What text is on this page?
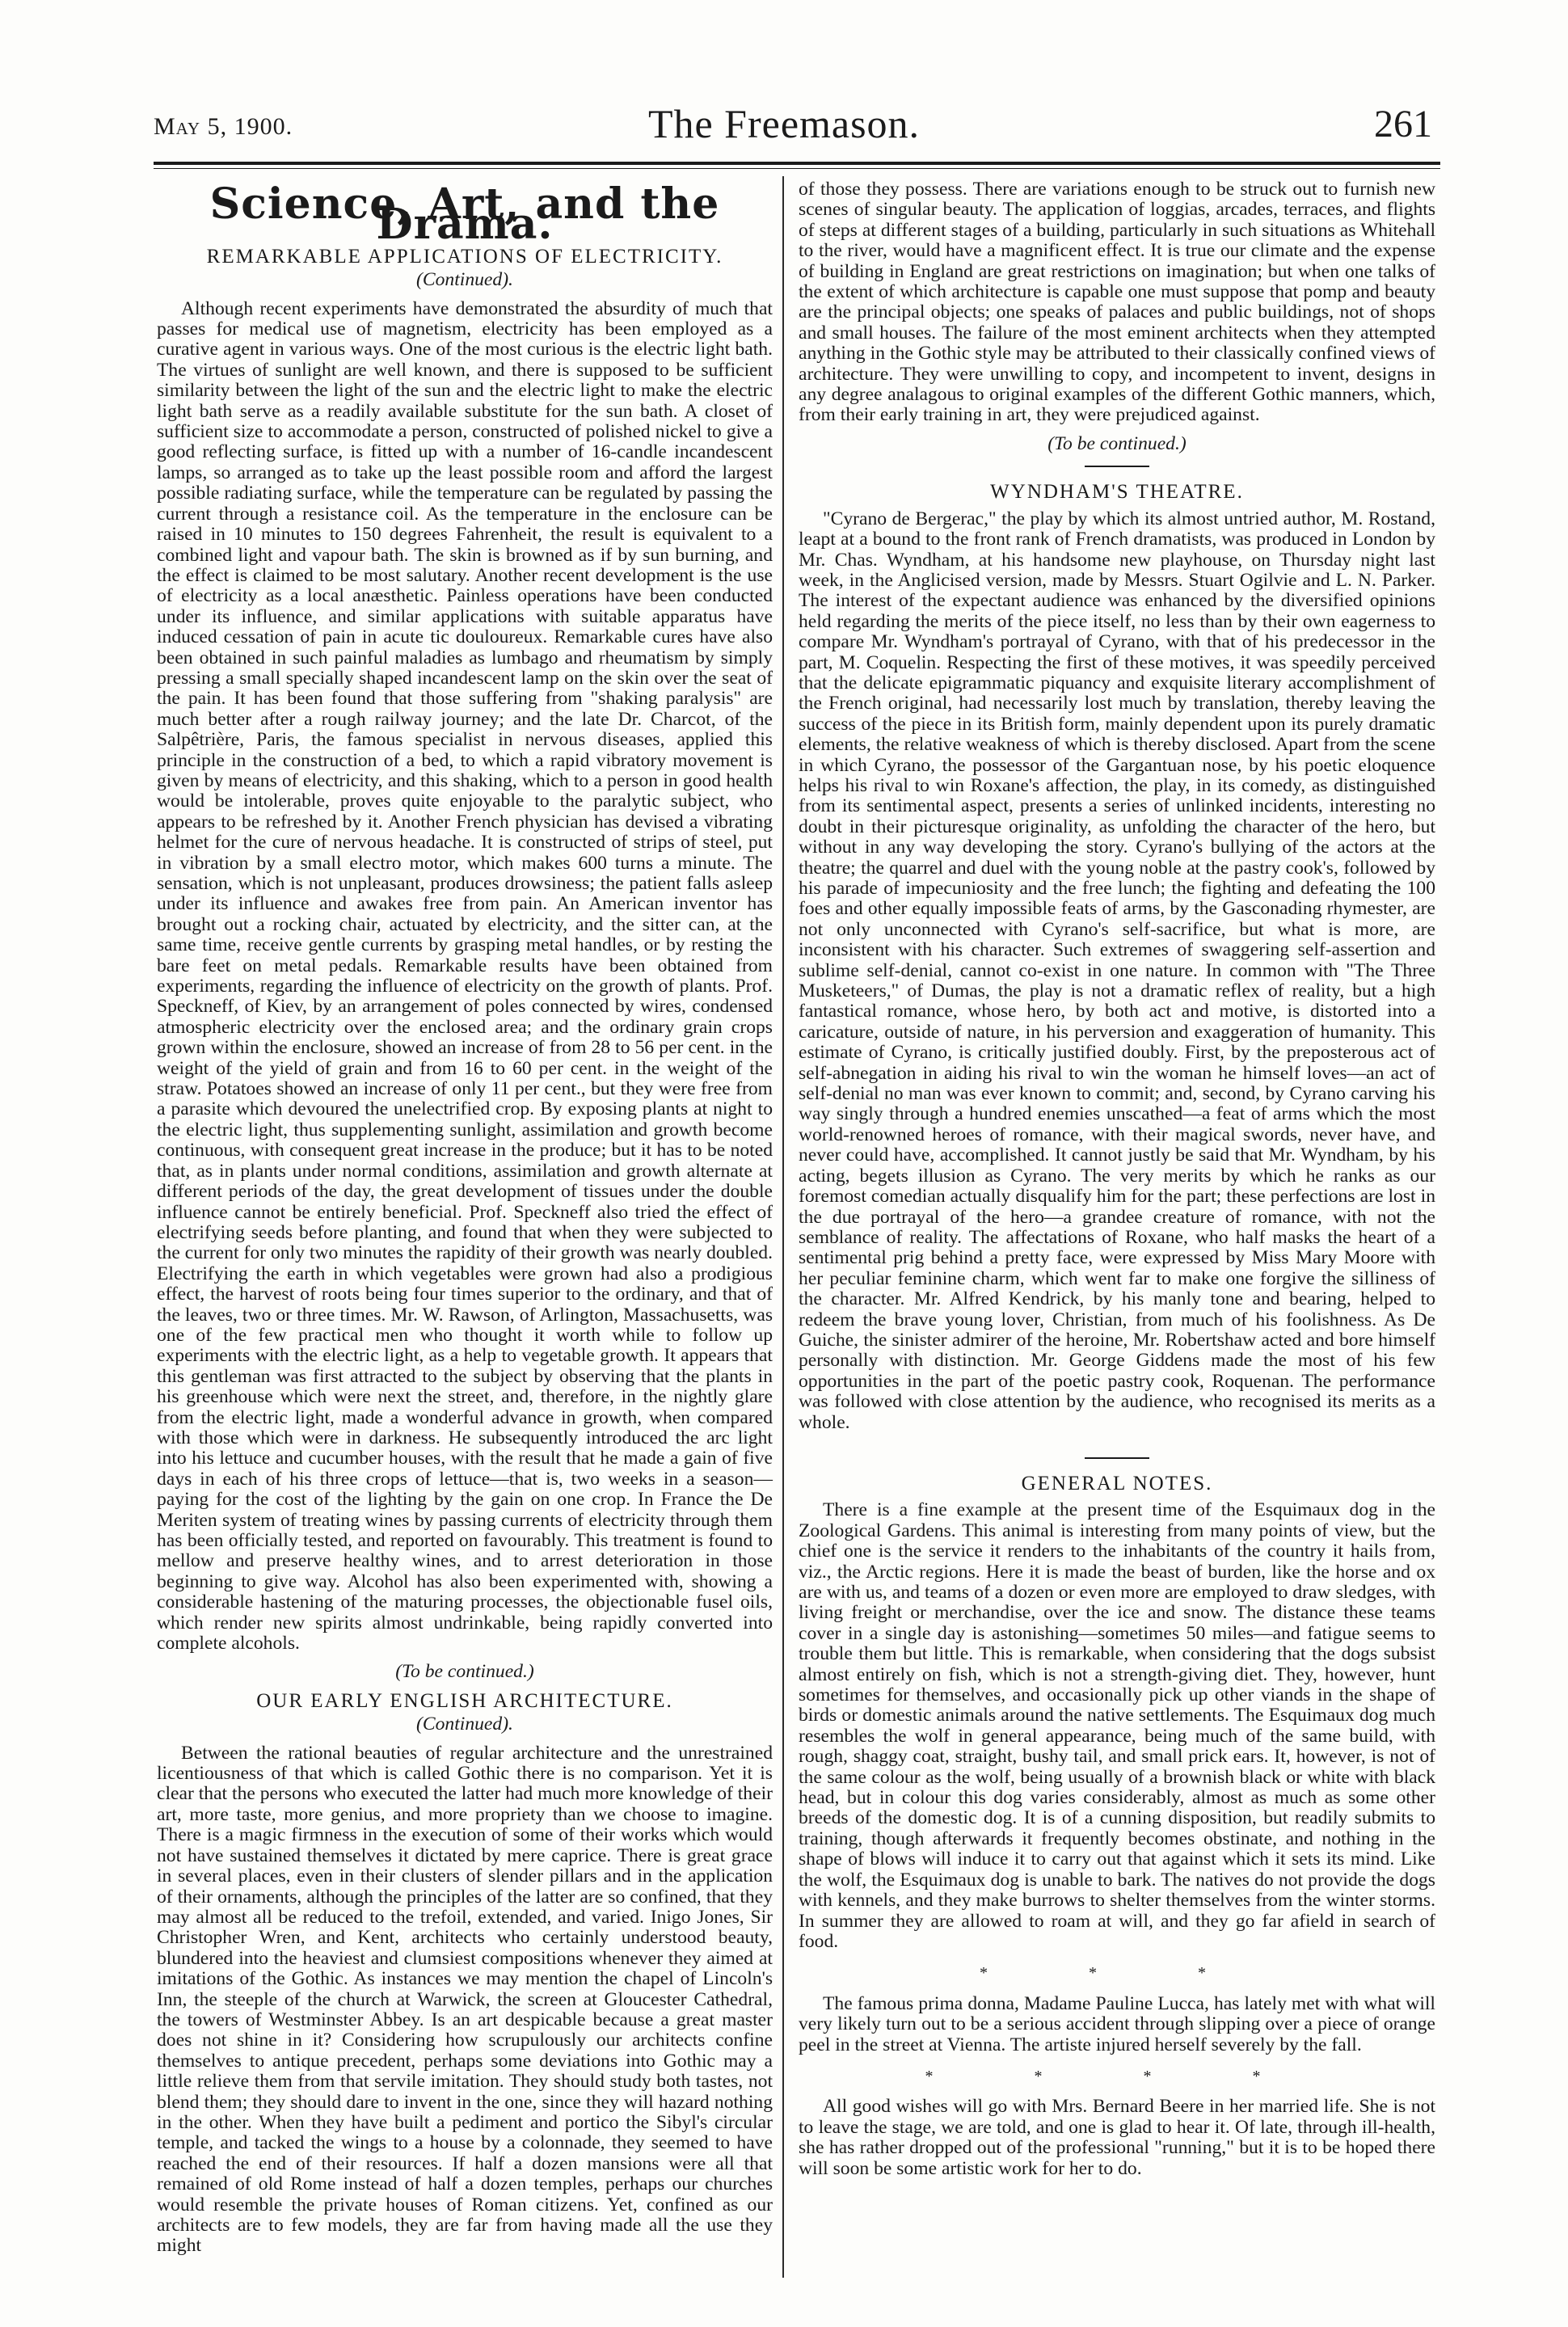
May 5, 1900.	The Freemason.	261
Science, Art, and the Drama.
REMARKABLE APPLICATIONS OF ELECTRICITY.
(Continued).

Although recent experiments have demonstrated the absurdity of much that passes for medical use of magnetism, electricity has been employed as a curative agent in various ways. One of the most curious is the electric light bath. The virtues of sunlight are well known, and there is supposed to be sufficient similarity between the light of the sun and the electric light to make the electric light bath serve as a readily available substitute for the sun bath. A closet of sufficient size to accommodate a person, constructed of polished nickel to give a good reflecting surface, is fitted up with a number of 16-candle incandescent lamps, so arranged as to take up the least possible room and afford the largest possible radiating surface, while the temperature can be regulated by passing the current through a resistance coil. As the temperature in the enclosure can be raised in 10 minutes to 150 degrees Fahrenheit, the result is equivalent to a combined light and vapour bath. The skin is browned as if by sun burning, and the effect is claimed to be most salutary. Another recent development is the use of electricity as a local anæsthetic. Painless operations have been conducted under its influence, and similar applications with suitable apparatus have induced cessation of pain in acute tic douloureux. Remarkable cures have also been obtained in such painful maladies as lumbago and rheumatism by simply pressing a small specially shaped incandescent lamp on the skin over the seat of the pain. It has been found that those suffering from "shaking paralysis" are much better after a rough railway journey; and the late Dr. Charcot, of the Salpêtrière, Paris, the famous specialist in nervous diseases, applied this principle in the construction of a bed, to which a rapid vibratory movement is given by means of electricity, and this shaking, which to a person in good health would be intolerable, proves quite enjoyable to the paralytic subject, who appears to be refreshed by it. Another French physician has devised a vibrating helmet for the cure of nervous headache. It is constructed of strips of steel, put in vibration by a small electro motor, which makes 600 turns a minute. The sensation, which is not unpleasant, produces drowsiness; the patient falls asleep under its influence and awakes free from pain. An American inventor has brought out a rocking chair, actuated by electricity, and the sitter can, at the same time, receive gentle currents by grasping metal handles, or by resting the bare feet on metal pedals. Remarkable results have been obtained from experiments, regarding the influence of electricity on the growth of plants. Prof. Speckneff, of Kiev, by an arrangement of poles connected by wires, condensed atmospheric electricity over the enclosed area; and the ordinary grain crops grown within the enclosure, showed an increase of from 28 to 56 per cent. in the weight of the yield of grain and from 16 to 60 per cent. in the weight of the straw. Potatoes showed an increase of only 11 per cent., but they were free from a parasite which devoured the unelectrified crop. By exposing plants at night to the electric light, thus supplementing sunlight, assimilation and growth become continuous, with consequent great increase in the produce; but it has to be noted that, as in plants under normal conditions, assimilation and growth alternate at different periods of the day, the great development of tissues under the double influence cannot be entirely beneficial. Prof. Speckneff also tried the effect of electrifying seeds before planting, and found that when they were subjected to the current for only two minutes the rapidity of their growth was nearly doubled. Electrifying the earth in which vegetables were grown had also a prodigious effect, the harvest of roots being four times superior to the ordinary, and that of the leaves, two or three times. Mr. W. Rawson, of Arlington, Massachusetts, was one of the few practical men who thought it worth while to follow up experiments with the electric light, as a help to vegetable growth. It appears that this gentleman was first attracted to the subject by observing that the plants in his greenhouse which were next the street, and, therefore, in the nightly glare from the electric light, made a wonderful advance in growth, when compared with those which were in darkness. He subsequently introduced the arc light into his lettuce and cucumber houses, with the result that he made a gain of five days in each of his three crops of lettuce—that is, two weeks in a season—paying for the cost of the lighting by the gain on one crop. In France the De Meriten system of treating wines by passing currents of electricity through them has been officially tested, and reported on favourably. This treatment is found to mellow and preserve healthy wines, and to arrest deterioration in those beginning to give way. Alcohol has also been experimented with, showing a considerable hastening of the maturing processes, the objectionable fusel oils, which render new spirits almost undrinkable, being rapidly converted into complete alcohols.

(To be continued.)
OUR EARLY ENGLISH ARCHITECTURE.
(Continued).

Between the rational beauties of regular architecture and the unrestrained licentiousness of that which is called Gothic there is no comparison. Yet it is clear that the persons who executed the latter had much more knowledge of their art, more taste, more genius, and more propriety than we choose to imagine. There is a magic firmness in the execution of some of their works which would not have sustained themselves it dictated by mere caprice. There is great grace in several places, even in their clusters of slender pillars and in the application of their ornaments, although the principles of the latter are so confined, that they may almost all be reduced to the trefoil, extended, and varied. Inigo Jones, Sir Christopher Wren, and Kent, architects who certainly understood beauty, blundered into the heaviest and clumsiest compositions whenever they aimed at imitations of the Gothic. As instances we may mention the chapel of Lincoln's Inn, the steeple of the church at Warwick, the screen at Gloucester Cathedral, the towers of Westminster Abbey. Is an art despicable because a great master does not shine in it? Considering how scrupulously our architects confine themselves to antique precedent, perhaps some deviations into Gothic may a little relieve them from that servile imitation. They should study both tastes, not blend them; they should dare to invent in the one, since they will hazard nothing in the other. When they have built a pediment and portico the Sibyl's circular temple, and tacked the wings to a house by a colonnade, they seemed to have reached the end of their resources. If half a dozen mansions were all that remained of old Rome instead of half a dozen temples, perhaps our churches would resemble the private houses of Roman citizens. Yet, confined as our architects are to few models, they are far from having made all the use they might

of those they possess. There are variations enough to be struck out to furnish new scenes of singular beauty. The application of loggias, arcades, terraces, and flights of steps at different stages of a building, particularly in such situations as Whitehall to the river, would have a magnificent effect. It is true our climate and the expense of building in England are great restrictions on imagination; but when one talks of the extent of which architecture is capable one must suppose that pomp and beauty are the principal objects; one speaks of palaces and public buildings, not of shops and small houses. The failure of the most eminent architects when they attempted anything in the Gothic style may be attributed to their classically confined views of architecture. They were unwilling to copy, and incompetent to invent, designs in any degree analagous to original examples of the different Gothic manners, which, from their early training in art, they were prejudiced against.

(To be continued.)
WYNDHAM'S THEATRE.

"Cyrano de Bergerac," the play by which its almost untried author, M. Rostand, leapt at a bound to the front rank of French dramatists, was produced in London by Mr. Chas. Wyndham, at his handsome new playhouse, on Thursday night last week, in the Anglicised version, made by Messrs. Stuart Ogilvie and L. N. Parker. The interest of the expectant audience was enhanced by the diversified opinions held regarding the merits of the piece itself, no less than by their own eagerness to compare Mr. Wyndham's portrayal of Cyrano, with that of his predecessor in the part, M. Coquelin. Respecting the first of these motives, it was speedily perceived that the delicate epigrammatic piquancy and exquisite literary accomplishment of the French original, had necessarily lost much by translation, thereby leaving the success of the piece in its British form, mainly dependent upon its purely dramatic elements, the relative weakness of which is thereby disclosed. Apart from the scene in which Cyrano, the possessor of the Gargantuan nose, by his poetic eloquence helps his rival to win Roxane's affection, the play, in its comedy, as distinguished from its sentimental aspect, presents a series of unlinked incidents, interesting no doubt in their picturesque originality, as unfolding the character of the hero, but without in any way developing the story. Cyrano's bullying of the actors at the theatre; the quarrel and duel with the young noble at the pastry cook's, followed by his parade of impecuniosity and the free lunch; the fighting and defeating the 100 foes and other equally impossible feats of arms, by the Gasconading rhymester, are not only unconnected with Cyrano's self-sacrifice, but what is more, are inconsistent with his character. Such extremes of swaggering self-assertion and sublime self-denial, cannot co-exist in one nature. In common with "The Three Musketeers," of Dumas, the play is not a dramatic reflex of reality, but a high fantastical romance, whose hero, by both act and motive, is distorted into a caricature, outside of nature, in his perversion and exaggeration of humanity. This estimate of Cyrano, is critically justified doubly. First, by the preposterous act of self-abnegation in aiding his rival to win the woman he himself loves—an act of self-denial no man was ever known to commit; and, second, by Cyrano carving his way singly through a hundred enemies unscathed—a feat of arms which the most world-renowned heroes of romance, with their magical swords, never have, and never could have, accomplished. It cannot justly be said that Mr. Wyndham, by his acting, begets illusion as Cyrano. The very merits by which he ranks as our foremost comedian actually disqualify him for the part; these perfections are lost in the due portrayal of the hero—a grandee creature of romance, with not the semblance of reality. The affectations of Roxane, who half masks the heart of a sentimental prig behind a pretty face, were expressed by Miss Mary Moore with her peculiar feminine charm, which went far to make one forgive the silliness of the character. Mr. Alfred Kendrick, by his manly tone and bearing, helped to redeem the brave young lover, Christian, from much of his foolishness. As De Guiche, the sinister admirer of the heroine, Mr. Robertshaw acted and bore himself personally with distinction. Mr. George Giddens made the most of his few opportunities in the part of the poetic pastry cook, Roquenan. The performance was followed with close attention by the audience, who recognised its merits as a whole.

GENERAL NOTES.

There is a fine example at the present time of the Esquimaux dog in the Zoological Gardens. This animal is interesting from many points of view, but the chief one is the service it renders to the inhabitants of the country it hails from, viz., the Arctic regions. Here it is made the beast of burden, like the horse and ox are with us, and teams of a dozen or even more are employed to draw sledges, with living freight or merchandise, over the ice and snow. The distance these teams cover in a single day is astonishing—sometimes 50 miles—and fatigue seems to trouble them but little. This is remarkable, when considering that the dogs subsist almost entirely on fish, which is not a strength-giving diet. They, however, hunt sometimes for themselves, and occasionally pick up other viands in the shape of birds or domestic animals around the native settlements. The Esquimaux dog much resembles the wolf in general appearance, being much of the same build, with rough, shaggy coat, straight, bushy tail, and small prick ears. It, however, is not of the same colour as the wolf, being usually of a brownish black or white with black head, but in colour this dog varies considerably, almost as much as some other breeds of the domestic dog. It is of a cunning disposition, but readily submits to training, though afterwards it frequently becomes obstinate, and nothing in the shape of blows will induce it to carry out that against which it sets its mind. Like the wolf, the Esquimaux dog is unable to bark. The natives do not provide the dogs with kennels, and they make burrows to shelter themselves from the winter storms. In summer they are allowed to roam at will, and they go far afield in search of food.

* * *

The famous prima donna, Madame Pauline Lucca, has lately met with what will very likely turn out to be a serious accident through slipping over a piece of orange peel in the street at Vienna. The artiste injured herself severely by the fall.

* * * *

All good wishes will go with Mrs. Bernard Beere in her married life. She is not to leave the stage, we are told, and one is glad to hear it. Of late, through ill-health, she has rather dropped out of the professional "running," but it is to be hoped there will soon be some artistic work for her to do.
